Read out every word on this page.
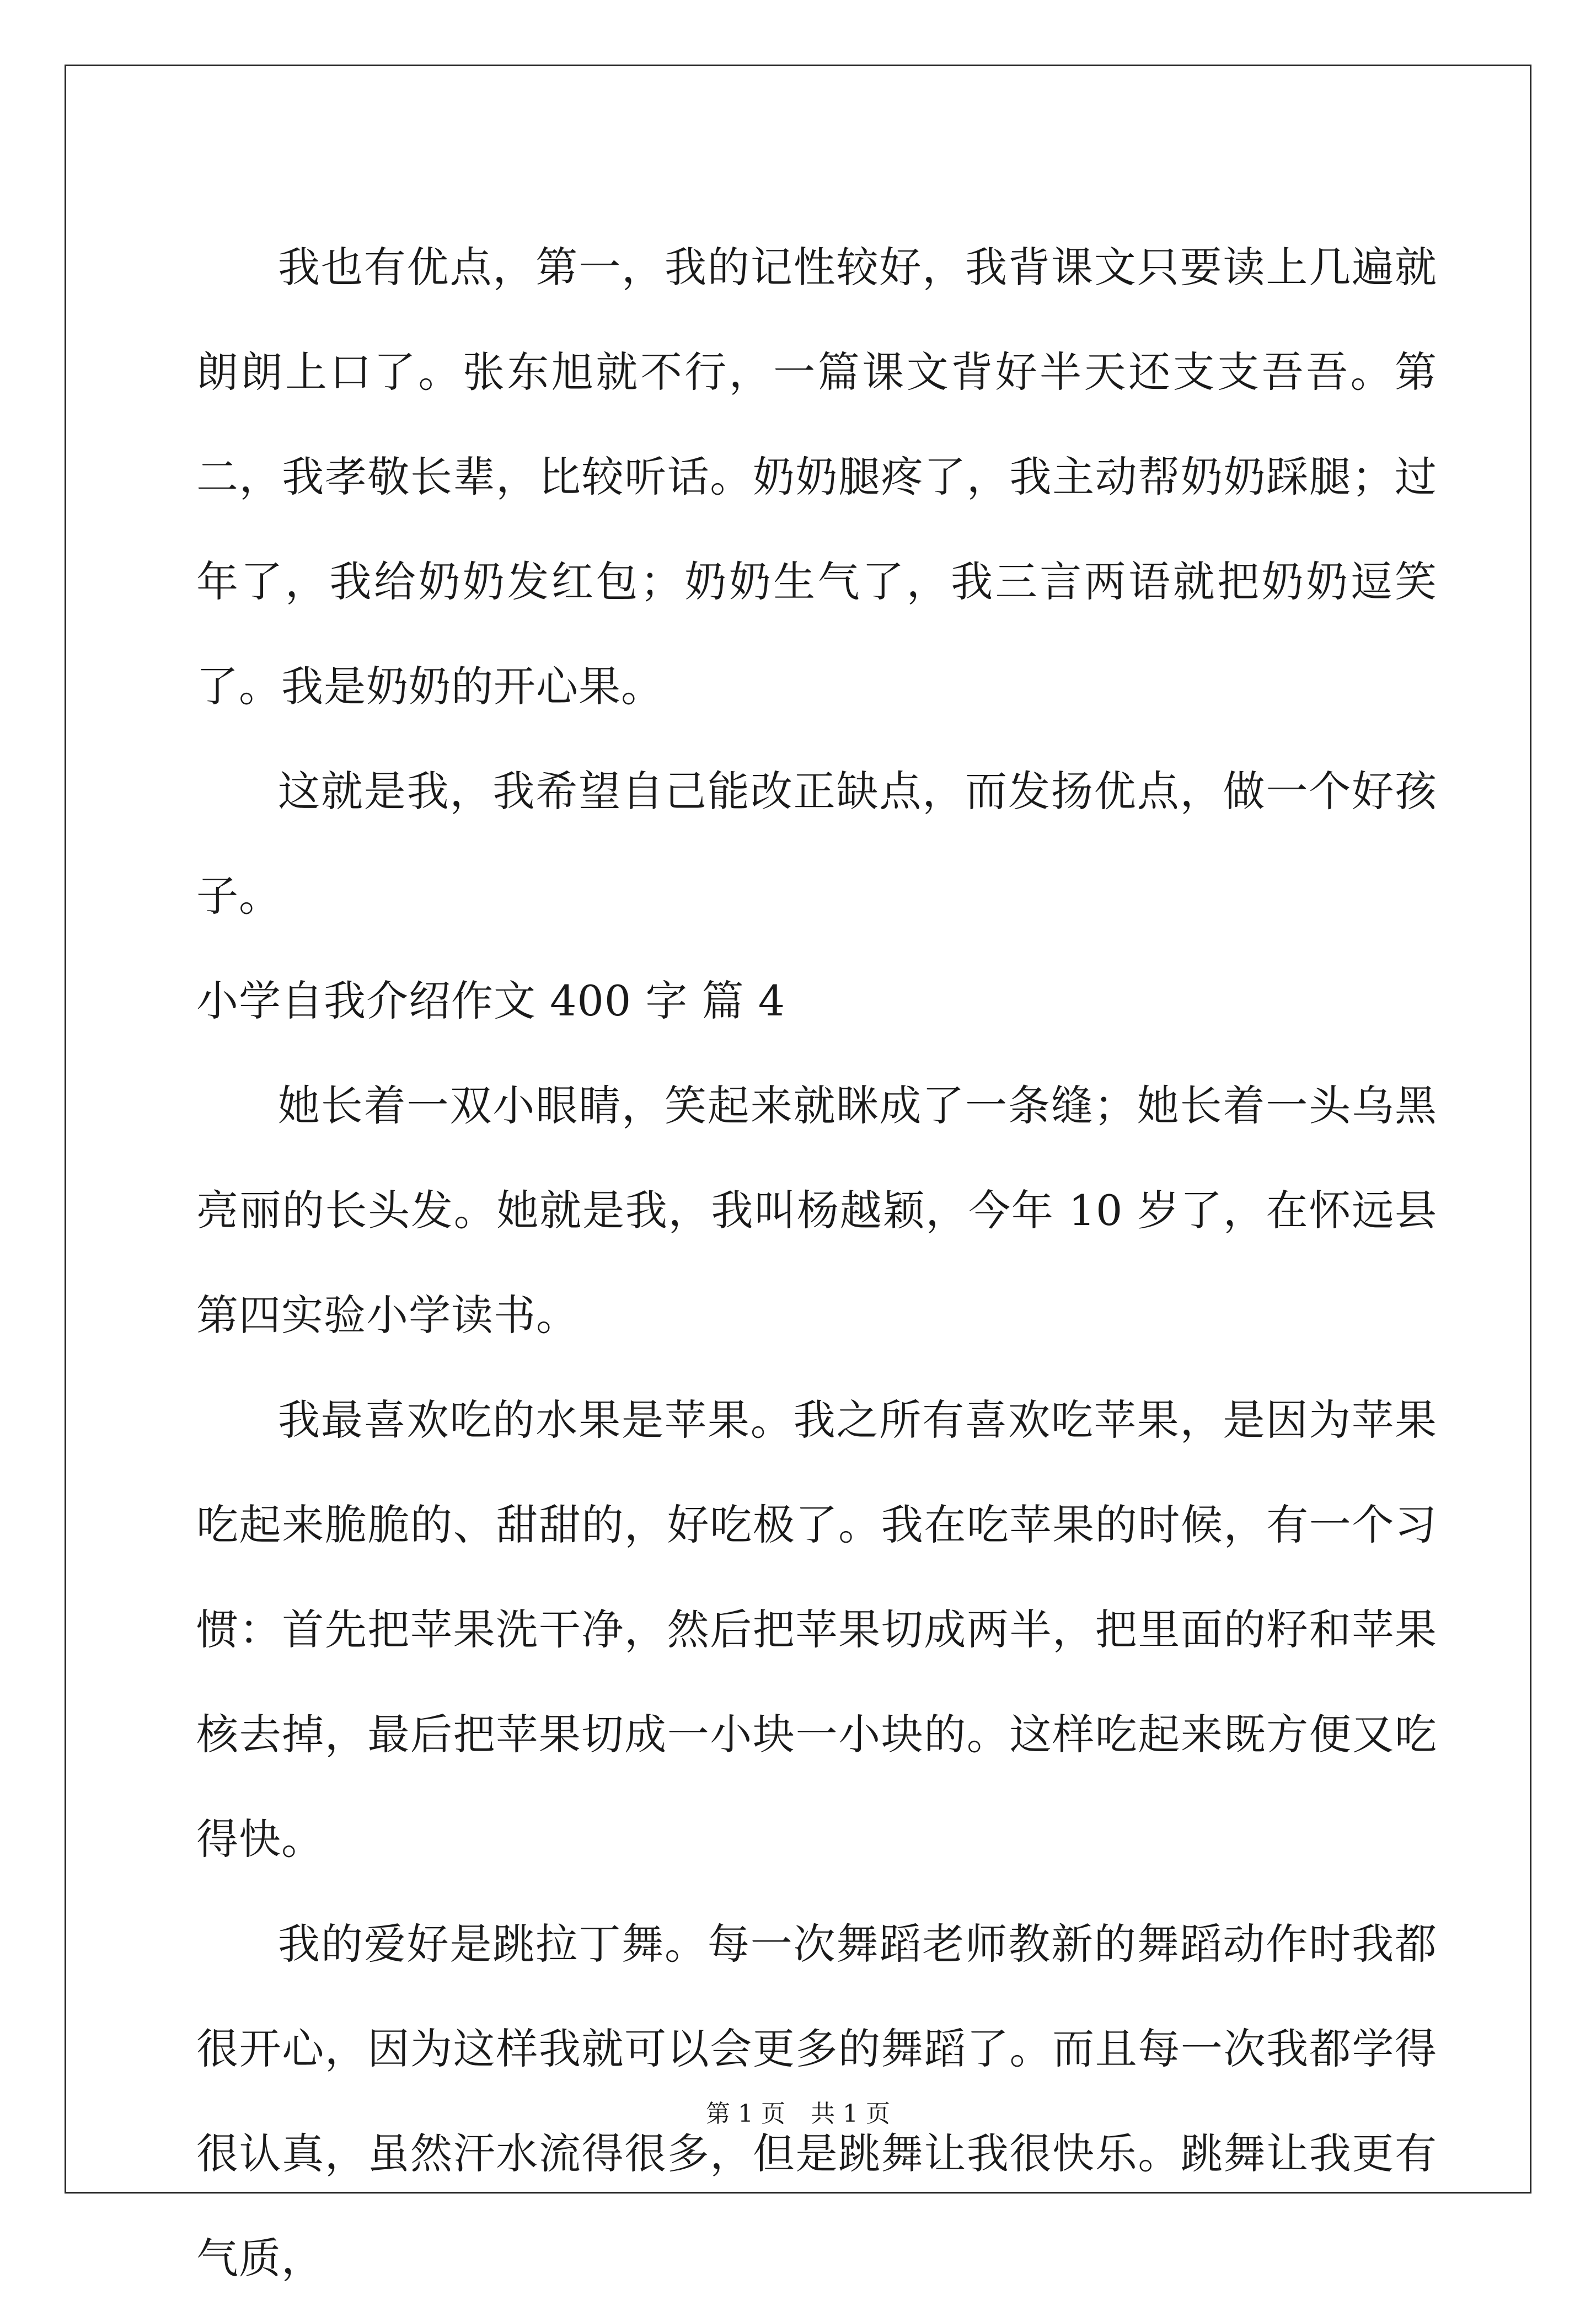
我也有优点，第一，我的记性较好，我背课文只要读上几遍就朗朗上口了。张东旭就不行，一篇课文背好半天还支支吾吾。第二，我孝敬长辈，比较听话。奶奶腿疼了，我主动帮奶奶踩腿；过年了，我给奶奶发红包；奶奶生气了，我三言两语就把奶奶逗笑了。我是奶奶的开心果。

这就是我，我希望自己能改正缺点，而发扬优点，做一个好孩子。

小学自我介绍作文 400 字 篇 4

她长着一双小眼睛，笑起来就眯成了一条缝；她长着一头乌黑亮丽的长头发。她就是我，我叫杨越颖，今年 10 岁了，在怀远县第四实验小学读书。

我最喜欢吃的水果是苹果。我之所有喜欢吃苹果，是因为苹果吃起来脆脆的、甜甜的，好吃极了。我在吃苹果的时候，有一个习惯：首先把苹果洗干净，然后把苹果切成两半，把里面的籽和苹果核去掉，最后把苹果切成一小块一小块的。这样吃起来既方便又吃得快。

我的爱好是跳拉丁舞。每一次舞蹈老师教新的舞蹈动作时我都很开心，因为这样我就可以会更多的舞蹈了。而且每一次我都学得很认真，虽然汗水流得很多，但是跳舞让我很快乐。跳舞让我更有气质，

第 1 页 共 1 页
